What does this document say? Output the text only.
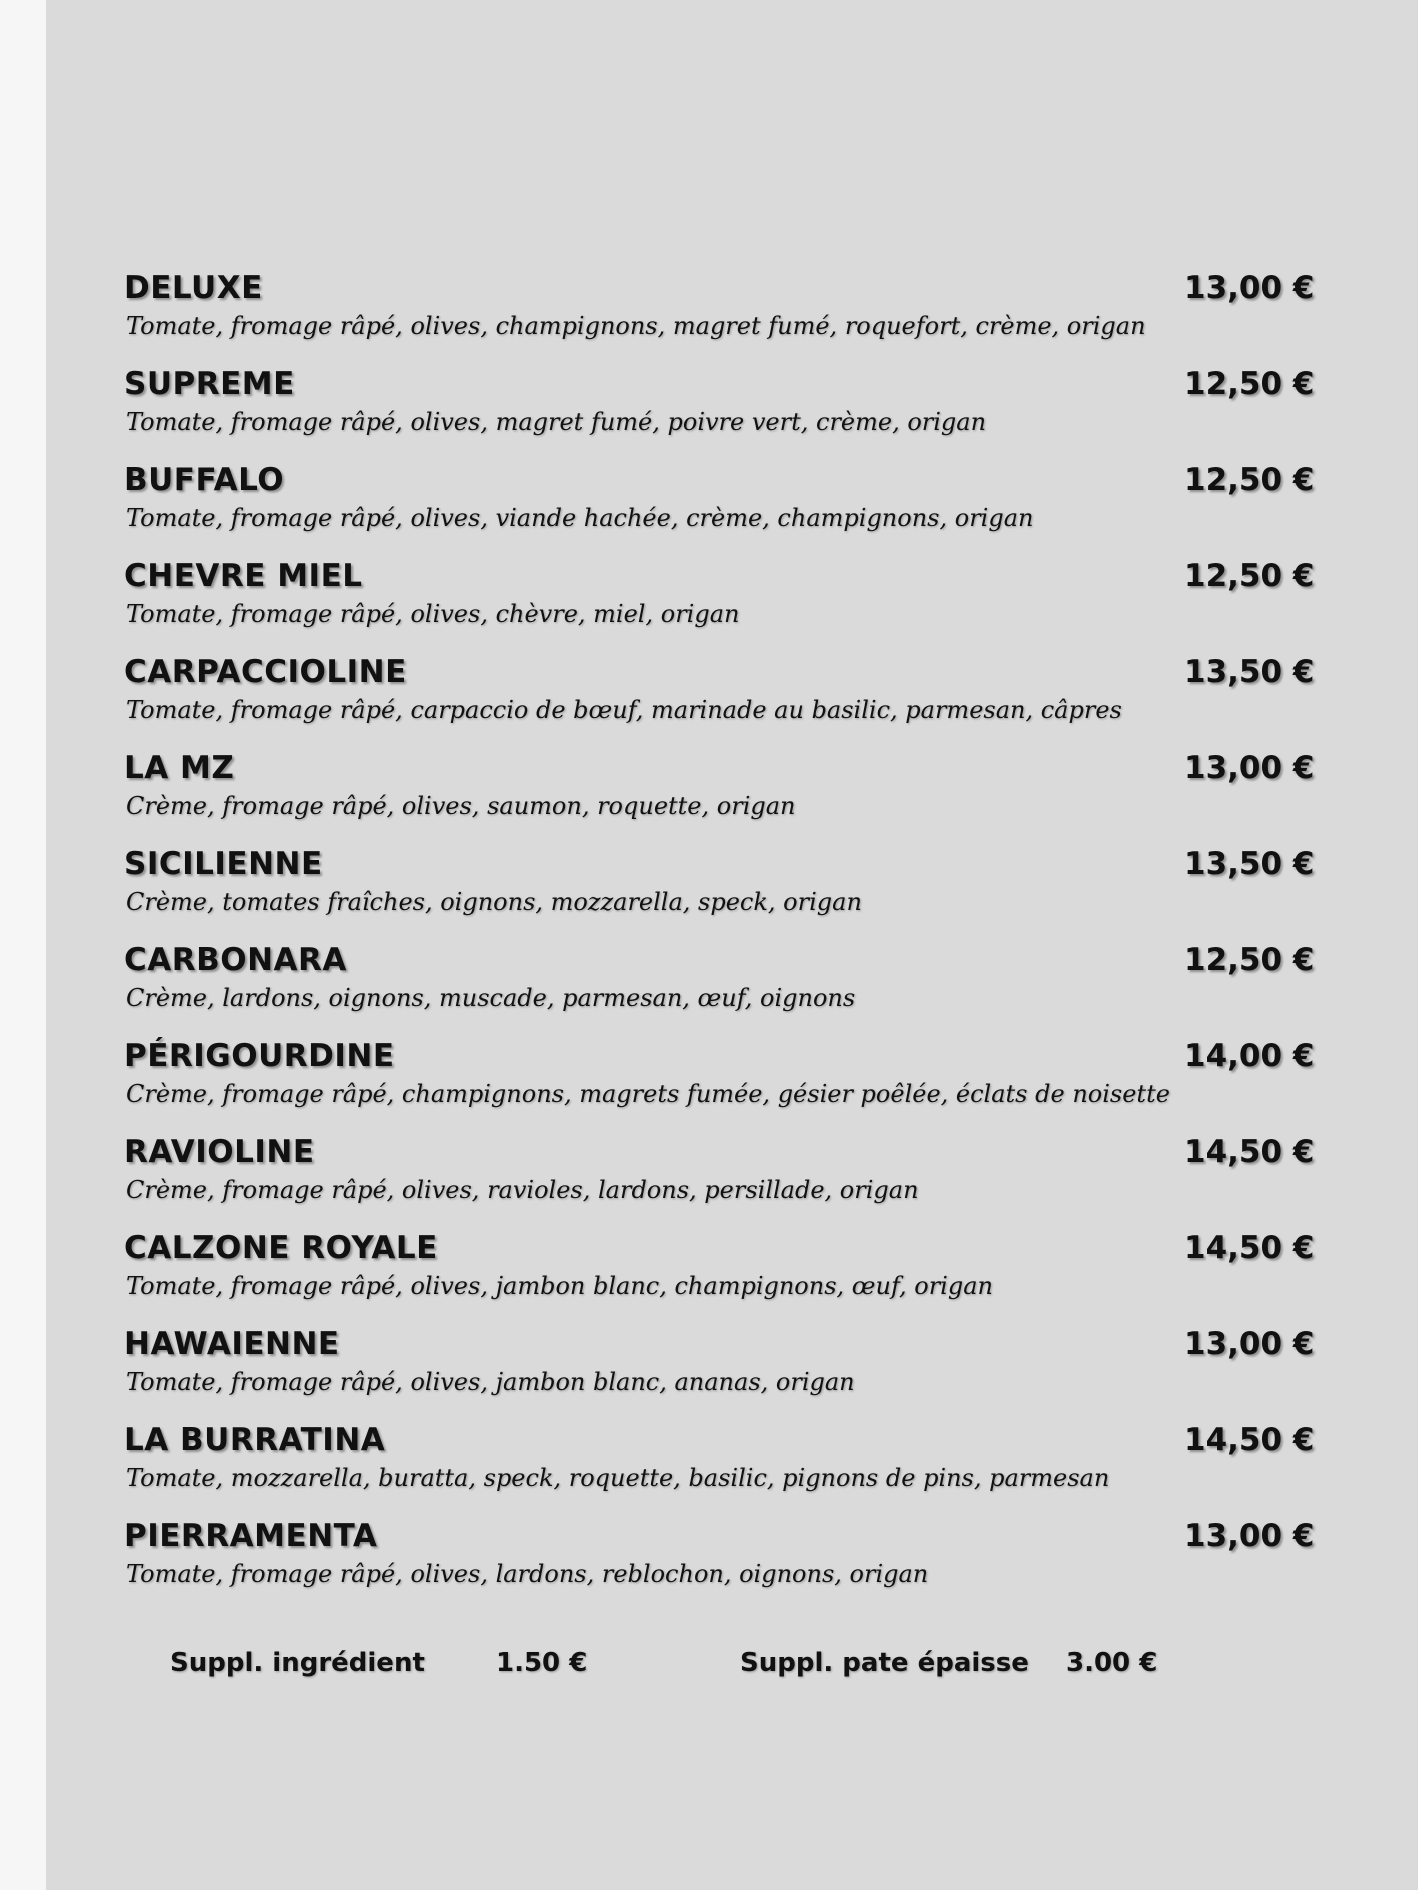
DELUXE	13,00 €
Tomate, fromage râpé, olives, champignons, magret fumé, roquefort, crème, origan
SUPREME	12,50 €
Tomate, fromage râpé, olives, magret fumé, poivre vert, crème, origan
BUFFALO	12,50 €
Tomate, fromage râpé, olives, viande hachée, crème, champignons, origan
CHEVRE MIEL	12,50 €
Tomate, fromage râpé, olives, chèvre, miel, origan
CARPACCIOLINE	13,50 €
Tomate, fromage râpé, carpaccio de bœuf, marinade au basilic, parmesan, câpres
LA MZ	13,00 €
Crème, fromage râpé, olives, saumon, roquette, origan
SICILIENNE	13,50 €
Crème, tomates fraîches, oignons, mozzarella, speck, origan
CARBONARA	12,50 €
Crème, lardons, oignons, muscade, parmesan, œuf, oignons
PÉRIGOURDINE	14,00 €
Crème, fromage râpé, champignons, magrets fumée, gésier poêlée, éclats de noisette
RAVIOLINE	14,50 €
Crème, fromage râpé, olives, ravioles, lardons, persillade, origan
CALZONE ROYALE	14,50 €
Tomate, fromage râpé, olives, jambon blanc, champignons, œuf, origan
HAWAIENNE	13,00 €
Tomate, fromage râpé, olives, jambon blanc, ananas, origan
LA BURRATINA	14,50 €
Tomate, mozzarella, buratta, speck, roquette, basilic, pignons de pins, parmesan
PIERRAMENTA	13,00 €
Tomate, fromage râpé, olives, lardons, reblochon, oignons, origan
Suppl. ingrédient	1.50 €	Suppl. pate épaisse 3.00 €
